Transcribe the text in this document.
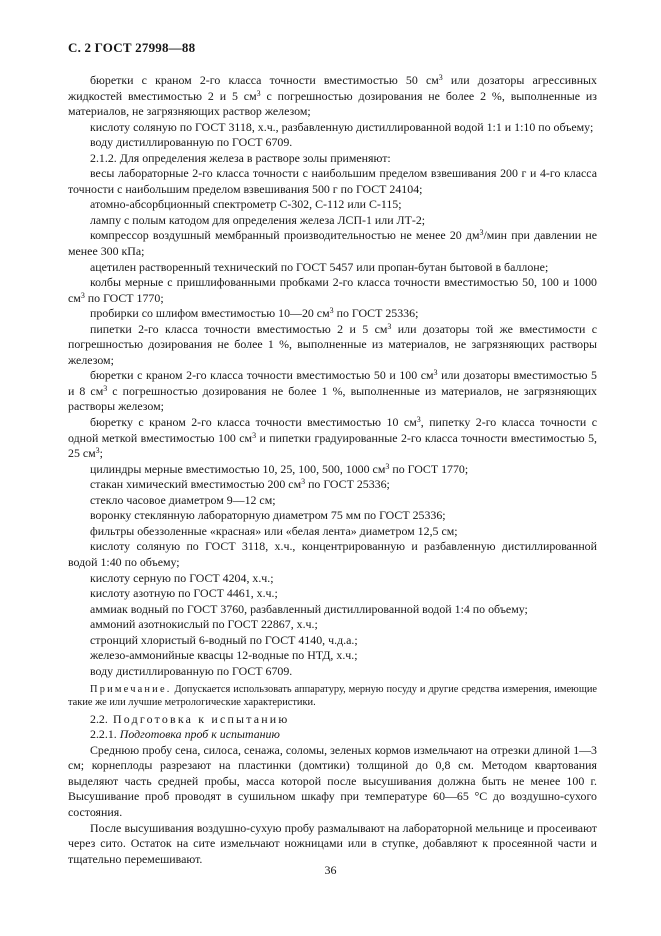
С. 2 ГОСТ 27998—88

бюретки с краном 2-го класса точности вместимостью 50 $см^3$ или дозаторы агрессивных жидкостей вместимостью 2 и 5 $см^3$ с погрешностью дозирования не более 2 %, выполненные из материалов, не загрязняющих раствор железом;

кислоту соляную по ГОСТ 3118, х.ч., разбавленную дистиллированной водой 1:1 и 1:10 по объему;

воду дистиллированную по ГОСТ 6709.

2.1.2. Для определения железа в растворе золы применяют:

весы лабораторные 2-го класса точности с наибольшим пределом взвешивания 200 г и 4-го класса точности с наибольшим пределом взвешивания 500 г по ГОСТ 24104;

атомно-абсорбционный спектрометр С-302, С-112 или С-115;

лампу с полым катодом для определения железа ЛСП-1 или ЛТ-2;

компрессор воздушный мембранный производительностью не менее 20 $дм^3$/мин при давлении не менее 300 кПа;

ацетилен растворенный технический по ГОСТ 5457 или пропан-бутан бытовой в баллоне;

колбы мерные с пришлифованными пробками 2-го класса точности вместимостью 50, 100 и 1000 $см^3$ по ГОСТ 1770;

пробирки со шлифом вместимостью 10—20 $см^3$ по ГОСТ 25336;

пипетки 2-го класса точности вместимостью 2 и 5 $см^3$ или дозаторы той же вместимости с погрешностью дозирования не более 1 %, выполненные из материалов, не загрязняющих растворы железом;

бюретки с краном 2-го класса точности вместимостью 50 и 100 $см^3$ или дозаторы вместимостью 5 и 8 $см^3$ с погрешностью дозирования не более 1 %, выполненные из материалов, не загрязняющих растворы железом;

бюретку с краном 2-го класса точности вместимостью 10 $см^3$, пипетку 2-го класса точности с одной меткой вместимостью 100 $см^3$ и пипетки градуированные 2-го класса точности вместимостью 5, 25 $см^3$;

цилиндры мерные вместимостью 10, 25, 100, 500, 1000 $см^3$ по ГОСТ 1770;

стакан химический вместимостью 200 $см^3$ по ГОСТ 25336;

стекло часовое диаметром 9—12 см;

воронку стеклянную лабораторную диаметром 75 мм по ГОСТ 25336;

фильтры обеззоленные «красная» или «белая лента» диаметром 12,5 см;

кислоту соляную по ГОСТ 3118, х.ч., концентрированную и разбавленную дистиллированной водой 1:40 по объему;

кислоту серную по ГОСТ 4204, х.ч.;

кислоту азотную по ГОСТ 4461, х.ч.;

аммиак водный по ГОСТ 3760, разбавленный дистиллированной водой 1:4 по объему;

аммоний азотнокислый по ГОСТ 22867, х.ч.;

стронций хлористый 6-водный по ГОСТ 4140, ч.д.а.;

железо-аммонийные квасцы 12-водные по НТД, х.ч.;

воду дистиллированную по ГОСТ 6709.

Примечание. Допускается использовать аппаратуру, мерную посуду и другие средства измерения, имеющие такие же или лучшие метрологические характеристики.

2.2. Подготовка к испытанию

2.2.1. Подготовка проб к испытанию

Среднюю пробу сена, силоса, сенажа, соломы, зеленых кормов измельчают на отрезки длиной 1—3 см; корнеплоды разрезают на пластинки (домтики) толщиной до 0,8 см. Методом квартования выделяют часть средней пробы, масса которой после высушивания должна быть не менее 100 г. Высушивание проб проводят в сушильном шкафу при температуре 60—65 °С до воздушно-сухого состояния.

После высушивания воздушно-сухую пробу размалывают на лабораторной мельнице и просеивают через сито. Остаток на сите измельчают ножницами или в ступке, добавляют к просеянной части и тщательно перемешивают.

36
